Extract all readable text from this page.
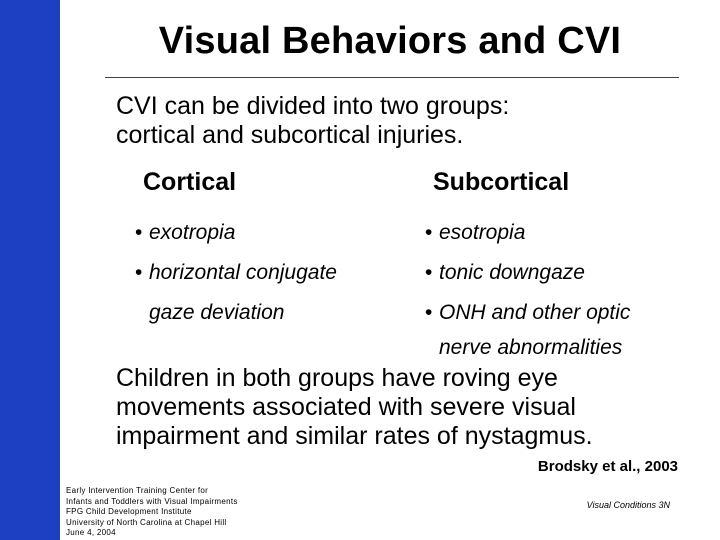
Visual Behaviors and CVI
CVI can be divided into two groups:
cortical and subcortical injuries.
Cortical	Subcortical
• exotropia
• horizontal conjugate
gaze deviation
• esotropia
• tonic downgaze
• ONH and other optic
nerve abnormalities
Children in both groups have roving eye
movements associated with severe visual
impairment and similar rates of nystagmus.
Brodsky et al., 2003
Early Intervention Training Center for
Infants and Toddlers with Visual Impairments
FPG Child Development Institute
University of North Carolina at Chapel Hill
June 4, 2004
Visual Conditions 3N
